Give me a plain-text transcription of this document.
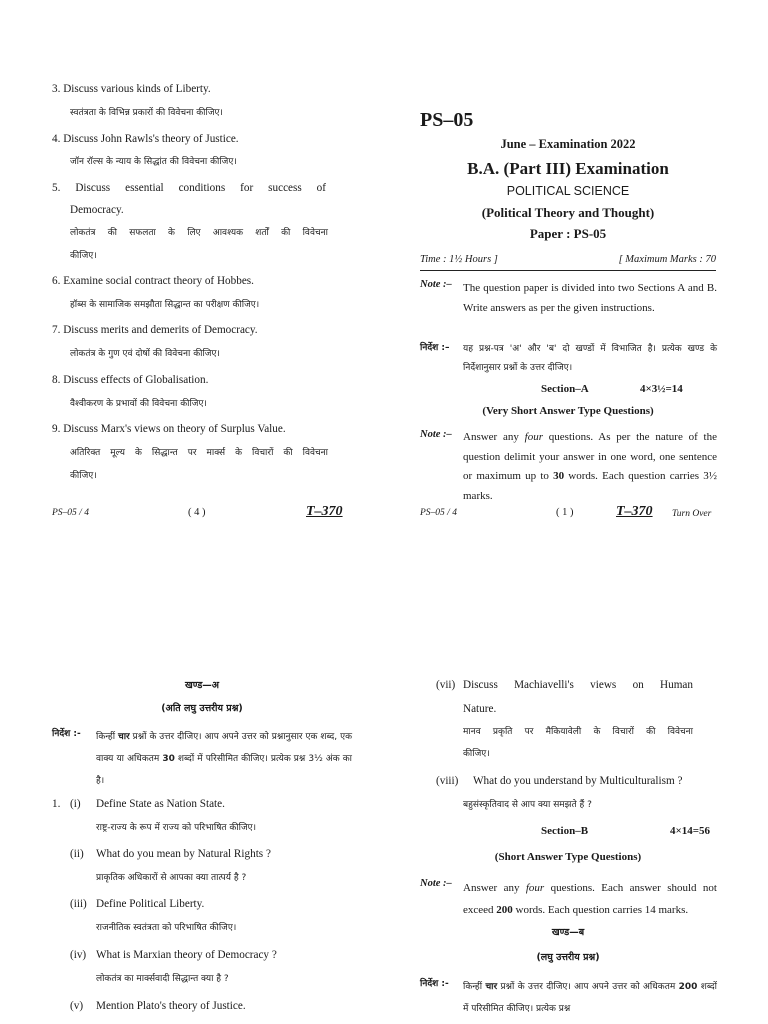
3. Discuss various kinds of Liberty.
स्वतंत्रता के विभिन्न प्रकारों की विवेचना कीजिए।
4. Discuss John Rawls's theory of Justice.
जॉन रॉल्स के न्याय के सिद्धांत की विवेचना कीजिए।
5. Discuss essential conditions for success of
Democracy.
लोकतंत्र की सफलता के लिए आवश्यक शर्तों की विवेचना
कीजिए।
6. Examine social contract theory of Hobbes.
हॉब्स के सामाजिक समझौता सिद्धान्त का परीक्षण कीजिए।
7. Discuss merits and demerits of Democracy.
लोकतंत्र के गुण एवं दोषों की विवेचना कीजिए।
8. Discuss effects of Globalisation.
वैश्वीकरण के प्रभावों की विवेचना कीजिए।
9. Discuss Marx's views on theory of Surplus Value.
अतिरिक्त मूल्य के सिद्धान्त पर मार्क्स के विचारों की विवेचना
कीजिए।
PS–05 / 4	( 4 )	T–370
PS–05
June – Examination 2022
B.A. (Part III) Examination
POLITICAL SCIENCE
(Political Theory and Thought)
Paper : PS-05
Time : 1½ Hours ]	[ Maximum Marks : 70
Note :– The question paper is divided into two Sections A and B. Write answers as per the given instructions.
निर्देश :– यह प्रश्न-पत्र 'अ' और 'ब' दो खण्डों में विभाजित है। प्रत्येक खण्ड के निर्देशानुसार प्रश्नों के उत्तर दीजिए।
Section–A	4×3½=14
(Very Short Answer Type Questions)
Note :– Answer any four questions. As per the nature of the question delimit your answer in one word, one sentence or maximum up to 30 words. Each question carries 3½ marks.
PS–05 / 4	( 1 )	T–370 Turn Over
खण्ड—अ
(अति लघु उत्तरीय प्रश्न)
निर्देश :- किन्हीं चार प्रश्नों के उत्तर दीजिए। आप अपने उत्तर को प्रश्नानुसार एक शब्द, एक वाक्य या अधिकतम 30 शब्दों में परिसीमित कीजिए। प्रत्येक प्रश्न 3½ अंक का है।
1. (i) Define State as Nation State.
राष्ट्र-राज्य के रूप में राज्य को परिभाषित कीजिए।
(ii) What do you mean by Natural Rights ?
प्राकृतिक अधिकारों से आपका क्या तात्पर्य है ?
(iii) Define Political Liberty.
राजनीतिक स्वतंत्रता को परिभाषित कीजिए।
(iv) What is Marxian theory of Democracy ?
लोकतंत्र का मार्क्सवादी सिद्धान्त क्या है ?
(v) Mention Plato's theory of Justice.
(vii) Discuss Machiavelli's views on Human
Nature.
मानव प्रकृति पर मैकियावेली के विचारों की विवेचना
कीजिए।
(viii) What do you understand by Multiculturalism ?
बहुसंस्कृतिवाद से आप क्या समझते हैं ?
Section–B	4×14=56
(Short Answer Type Questions)
Note :– Answer any four questions. Each answer should not exceed 200 words. Each question carries 14 marks.
खण्ड—ब
(लघु उत्तरीय प्रश्न)
निर्देश :- किन्हीं चार प्रश्नों के उत्तर दीजिए। आप अपने उत्तर को अधिकतम 200 शब्दों में परिसीमित कीजिए। प्रत्येक प्रश्न
